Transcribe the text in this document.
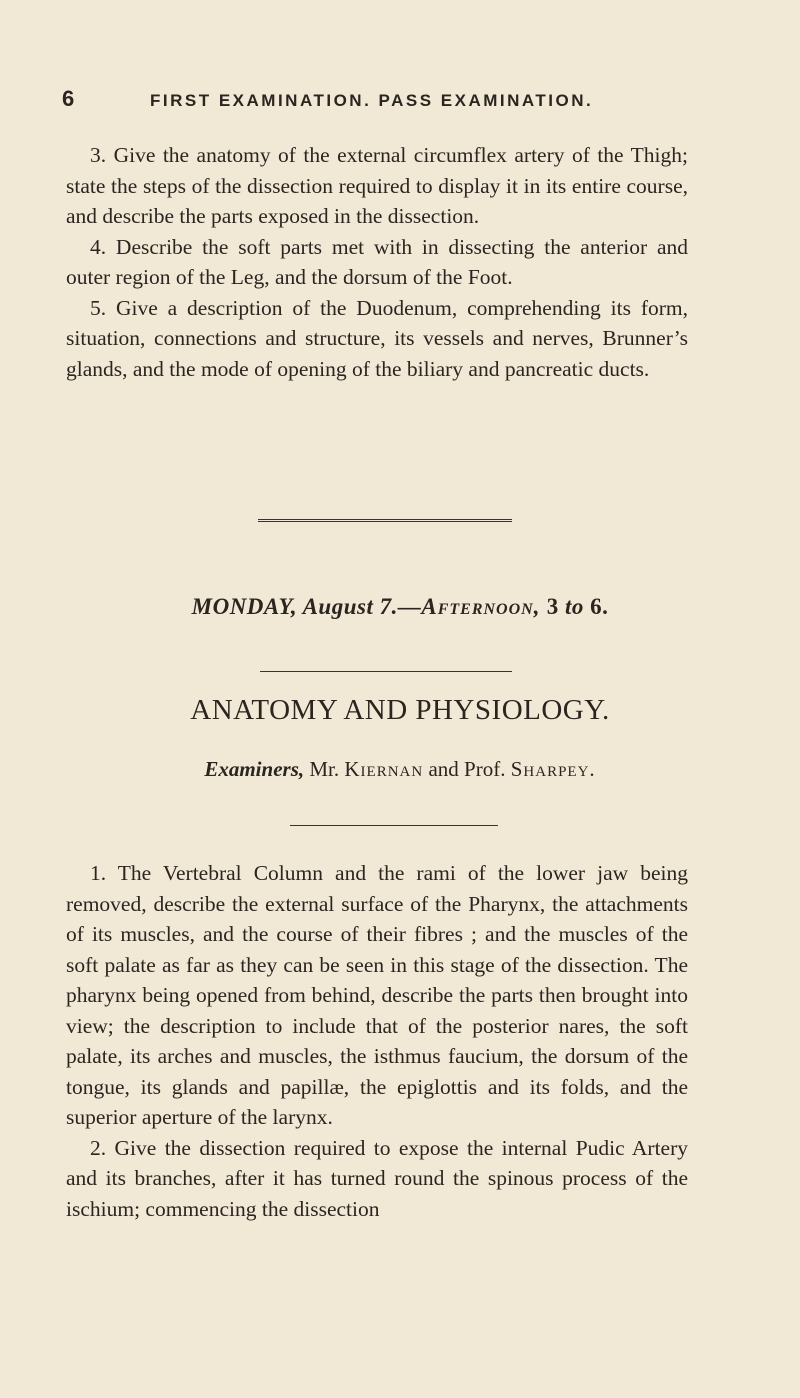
6	FIRST EXAMINATION. PASS EXAMINATION.

3. Give the anatomy of the external circumflex artery of the Thigh; state the steps of the dissection required to display it in its entire course, and describe the parts exposed in the dissection.

4. Describe the soft parts met with in dissecting the anterior and outer region of the Leg, and the dorsum of the Foot.

5. Give a description of the Duodenum, comprehending its form, situation, connections and structure, its vessels and nerves, Brunner’s glands, and the mode of opening of the biliary and pancreatic ducts.

MONDAY, August 7.—Afternoon, 3 to 6.
ANATOMY AND PHYSIOLOGY.
Examiners, Mr. Kiernan and Prof. Sharpey.

1. The Vertebral Column and the rami of the lower jaw being removed, describe the external surface of the Pharynx, the attachments of its muscles, and the course of their fibres ; and the muscles of the soft palate as far as they can be seen in this stage of the dissection. The pharynx being opened from behind, describe the parts then brought into view; the description to include that of the posterior nares, the soft palate, its arches and muscles, the isthmus faucium, the dorsum of the tongue, its glands and papillæ, the epiglottis and its folds, and the superior aperture of the larynx.

2. Give the dissection required to expose the internal Pudic Artery and its branches, after it has turned round the spinous process of the ischium; commencing the dissection
